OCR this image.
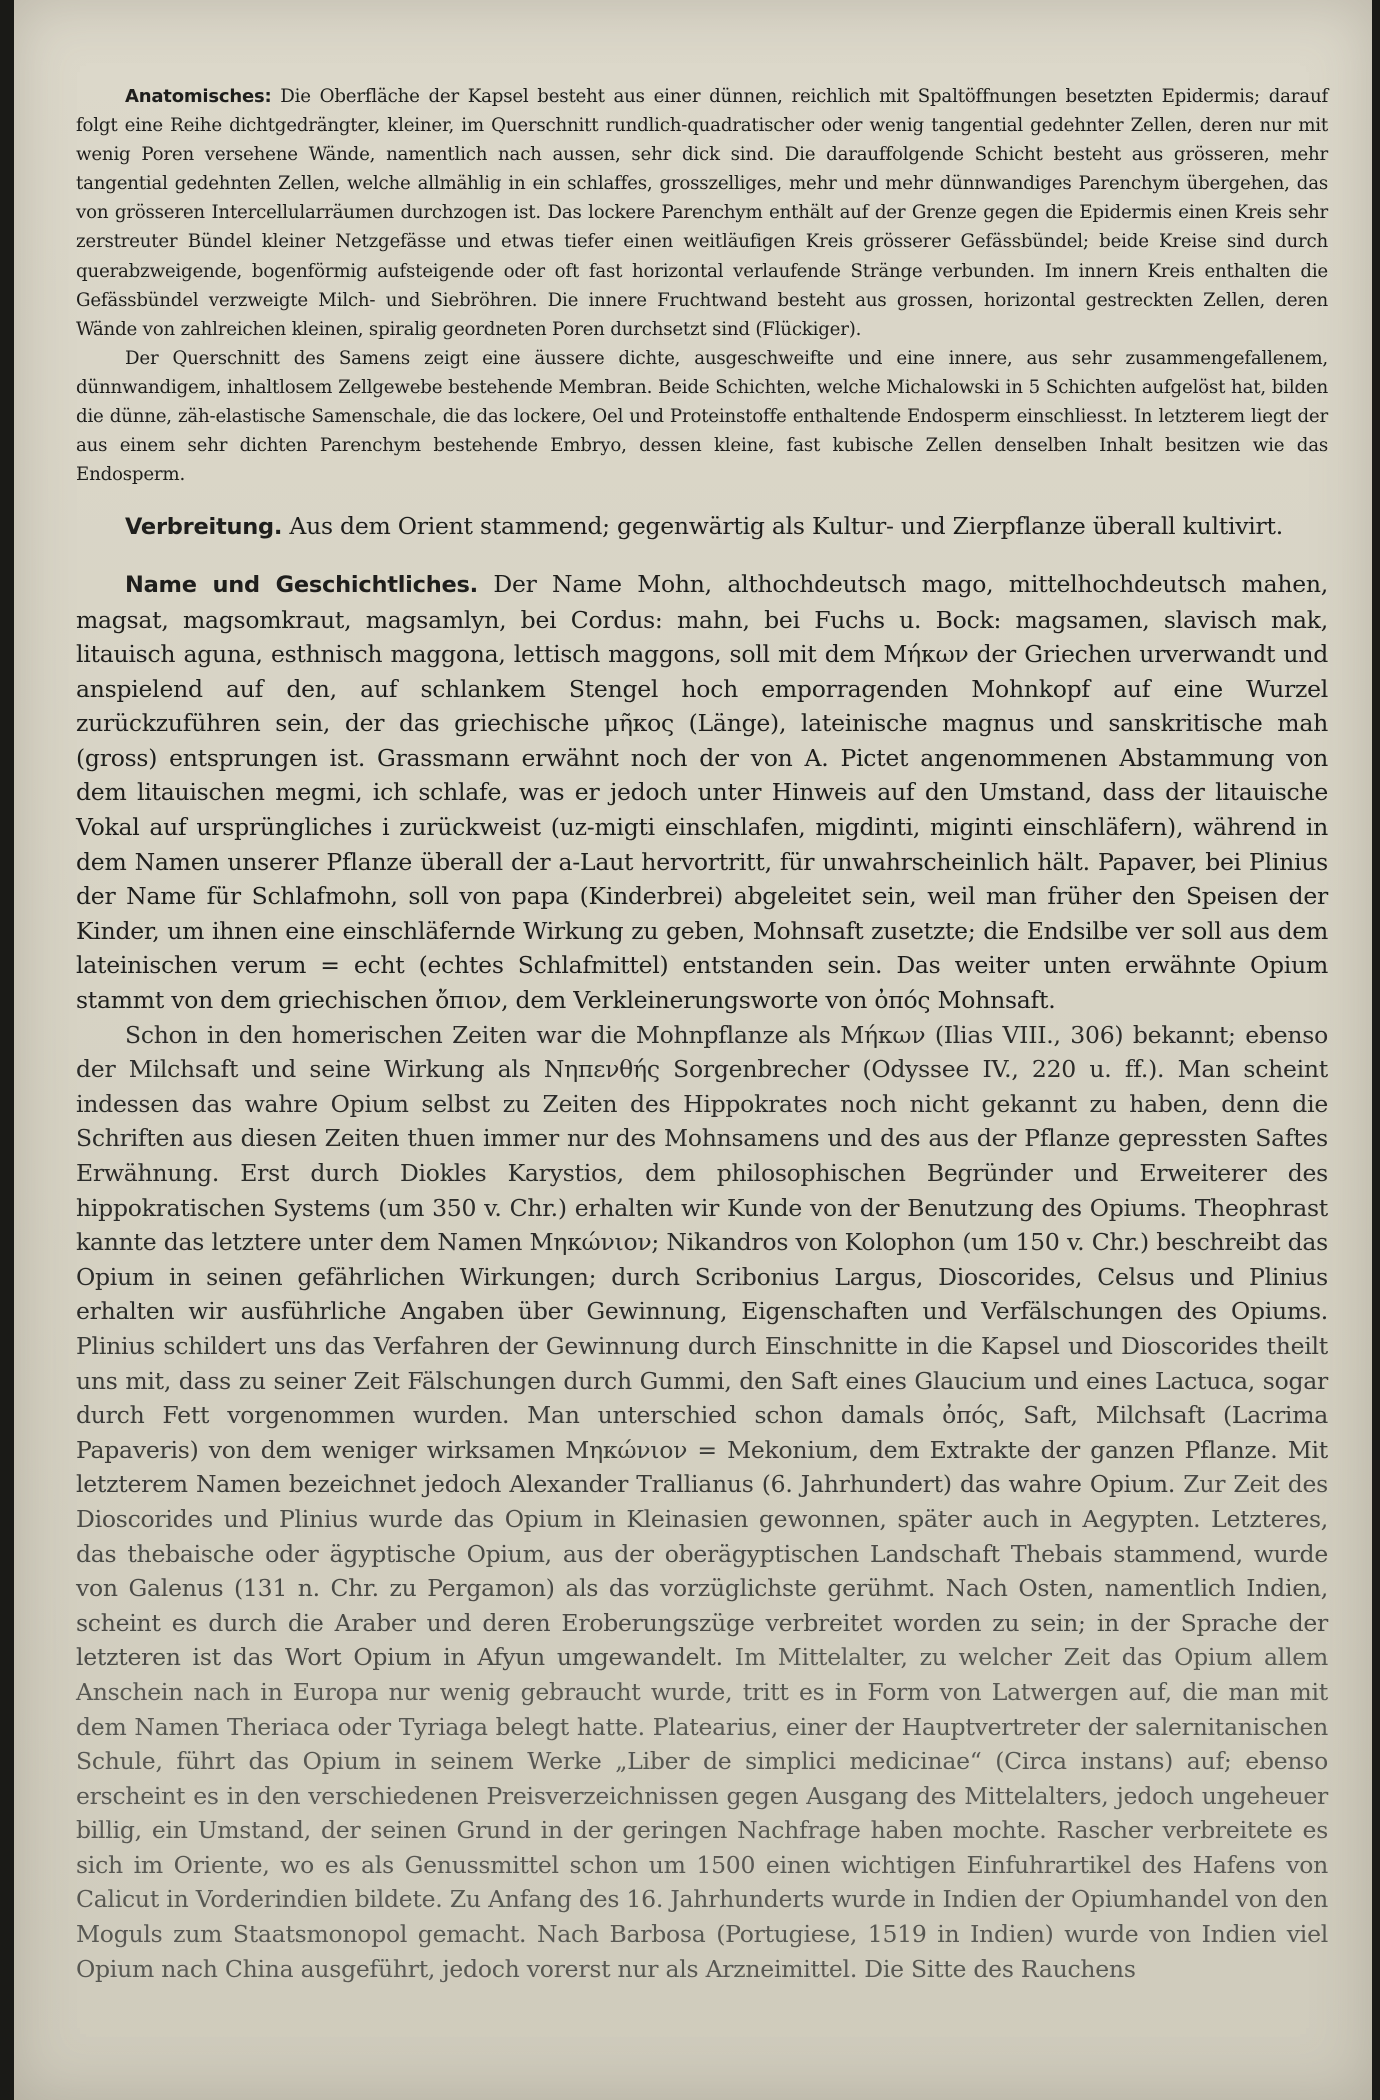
Anatomisches: Die Oberfläche der Kapsel besteht aus einer dünnen, reichlich mit Spaltöffnungen besetzten Epidermis; darauf folgt eine Reihe dichtgedrängter, kleiner, im Querschnitt rundlich-quadratischer oder wenig tangential gedehnter Zellen, deren nur mit wenig Poren versehene Wände, namentlich nach aussen, sehr dick sind. Die darauffolgende Schicht besteht aus grösseren, mehr tangential gedehnten Zellen, welche allmählig in ein schlaffes, grosszelliges, mehr und mehr dünnwandiges Parenchym übergehen, das von grösseren Intercellularräumen durchzogen ist. Das lockere Parenchym enthält auf der Grenze gegen die Epidermis einen Kreis sehr zerstreuter Bündel kleiner Netzgefässe und etwas tiefer einen weitläufigen Kreis grösserer Gefässbündel; beide Kreise sind durch querabzweigende, bogenförmig aufsteigende oder oft fast horizontal verlaufende Stränge verbunden. Im innern Kreis enthalten die Gefässbündel verzweigte Milch- und Siebröhren. Die innere Fruchtwand besteht aus grossen, horizontal gestreckten Zellen, deren Wände von zahlreichen kleinen, spiralig geordneten Poren durchsetzt sind (Flückiger).

Der Querschnitt des Samens zeigt eine äussere dichte, ausgeschweifte und eine innere, aus sehr zusammengefallenem, dünnwandigem, inhaltlosem Zellgewebe bestehende Membran. Beide Schichten, welche Michalowski in 5 Schichten aufgelöst hat, bilden die dünne, zäh-elastische Samenschale, die das lockere, Oel und Proteinstoffe enthaltende Endosperm einschliesst. In letzterem liegt der aus einem sehr dichten Parenchym bestehende Embryo, dessen kleine, fast kubische Zellen denselben Inhalt besitzen wie das Endosperm.

Verbreitung. Aus dem Orient stammend; gegenwärtig als Kultur- und Zierpflanze überall kultivirt.

Name und Geschichtliches. Der Name Mohn, althochdeutsch mago, mittelhochdeutsch mahen, magsat, magsomkraut, magsamlyn, bei Cordus: mahn, bei Fuchs u. Bock: magsamen, slavisch mak, litauisch aguna, esthnisch maggona, lettisch maggons, soll mit dem Μήκων der Griechen urverwandt und anspielend auf den, auf schlankem Stengel hoch emporragenden Mohnkopf auf eine Wurzel zurückzuführen sein, der das griechische μῆκος (Länge), lateinische magnus und sanskritische mah (gross) entsprungen ist. Grassmann erwähnt noch der von A. Pictet angenommenen Abstammung von dem litauischen megmi, ich schlafe, was er jedoch unter Hinweis auf den Umstand, dass der litauische Vokal auf ursprüngliches i zurückweist (uz-migti einschlafen, migdinti, miginti einschläfern), während in dem Namen unserer Pflanze überall der a-Laut hervortritt, für unwahrscheinlich hält. Papaver, bei Plinius der Name für Schlafmohn, soll von papa (Kinderbrei) abgeleitet sein, weil man früher den Speisen der Kinder, um ihnen eine einschläfernde Wirkung zu geben, Mohnsaft zusetzte; die Endsilbe ver soll aus dem lateinischen verum = echt (echtes Schlafmittel) entstanden sein. Das weiter unten erwähnte Opium stammt von dem griechischen ὄπιον, dem Verkleinerungsworte von ὀπός Mohnsaft.

Schon in den homerischen Zeiten war die Mohnpflanze als Μήκων (Ilias VIII., 306) bekannt; ebenso der Milchsaft und seine Wirkung als Νηπενθής Sorgenbrecher (Odyssee IV., 220 u. ff.). Man scheint indessen das wahre Opium selbst zu Zeiten des Hippokrates noch nicht gekannt zu haben, denn die Schriften aus diesen Zeiten thuen immer nur des Mohnsamens und des aus der Pflanze gepressten Saftes Erwähnung. Erst durch Diokles Karystios, dem philosophischen Begründer und Erweiterer des hippokratischen Systems (um 350 v. Chr.) erhalten wir Kunde von der Benutzung des Opiums. Theophrast kannte das letztere unter dem Namen Μηκώνιον; Nikandros von Kolophon (um 150 v. Chr.) beschreibt das Opium in seinen gefährlichen Wirkungen; durch Scribonius Largus, Dioscorides, Celsus und Plinius erhalten wir ausführliche Angaben über Gewinnung, Eigenschaften und Verfälschungen des Opiums. Plinius schildert uns das Verfahren der Gewinnung durch Einschnitte in die Kapsel und Dioscorides theilt uns mit, dass zu seiner Zeit Fälschungen durch Gummi, den Saft eines Glaucium und eines Lactuca, sogar durch Fett vorgenommen wurden. Man unterschied schon damals ὀπός, Saft, Milchsaft (Lacrima Papaveris) von dem weniger wirksamen Μηκώνιον = Mekonium, dem Extrakte der ganzen Pflanze. Mit letzterem Namen bezeichnet jedoch Alexander Trallianus (6. Jahrhundert) das wahre Opium. Zur Zeit des Dioscorides und Plinius wurde das Opium in Kleinasien gewonnen, später auch in Aegypten. Letzteres, das thebaische oder ägyptische Opium, aus der oberägyptischen Landschaft Thebais stammend, wurde von Galenus (131 n. Chr. zu Pergamon) als das vorzüglichste gerühmt. Nach Osten, namentlich Indien, scheint es durch die Araber und deren Eroberungszüge verbreitet worden zu sein; in der Sprache der letzteren ist das Wort Opium in Afyun umgewandelt. Im Mittelalter, zu welcher Zeit das Opium allem Anschein nach in Europa nur wenig gebraucht wurde, tritt es in Form von Latwergen auf, die man mit dem Namen Theriaca oder Tyriaga belegt hatte. Platearius, einer der Hauptvertreter der salernitanischen Schule, führt das Opium in seinem Werke „Liber de simplici medicinae“ (Circa instans) auf; ebenso erscheint es in den verschiedenen Preisverzeichnissen gegen Ausgang des Mittelalters, jedoch ungeheuer billig, ein Umstand, der seinen Grund in der geringen Nachfrage haben mochte. Rascher verbreitete es sich im Oriente, wo es als Genussmittel schon um 1500 einen wichtigen Einfuhrartikel des Hafens von Calicut in Vorderindien bildete. Zu Anfang des 16. Jahrhunderts wurde in Indien der Opiumhandel von den Moguls zum Staatsmonopol gemacht. Nach Barbosa (Portugiese, 1519 in Indien) wurde von Indien viel Opium nach China ausgeführt, jedoch vorerst nur als Arzneimittel. Die Sitte des Rauchens
